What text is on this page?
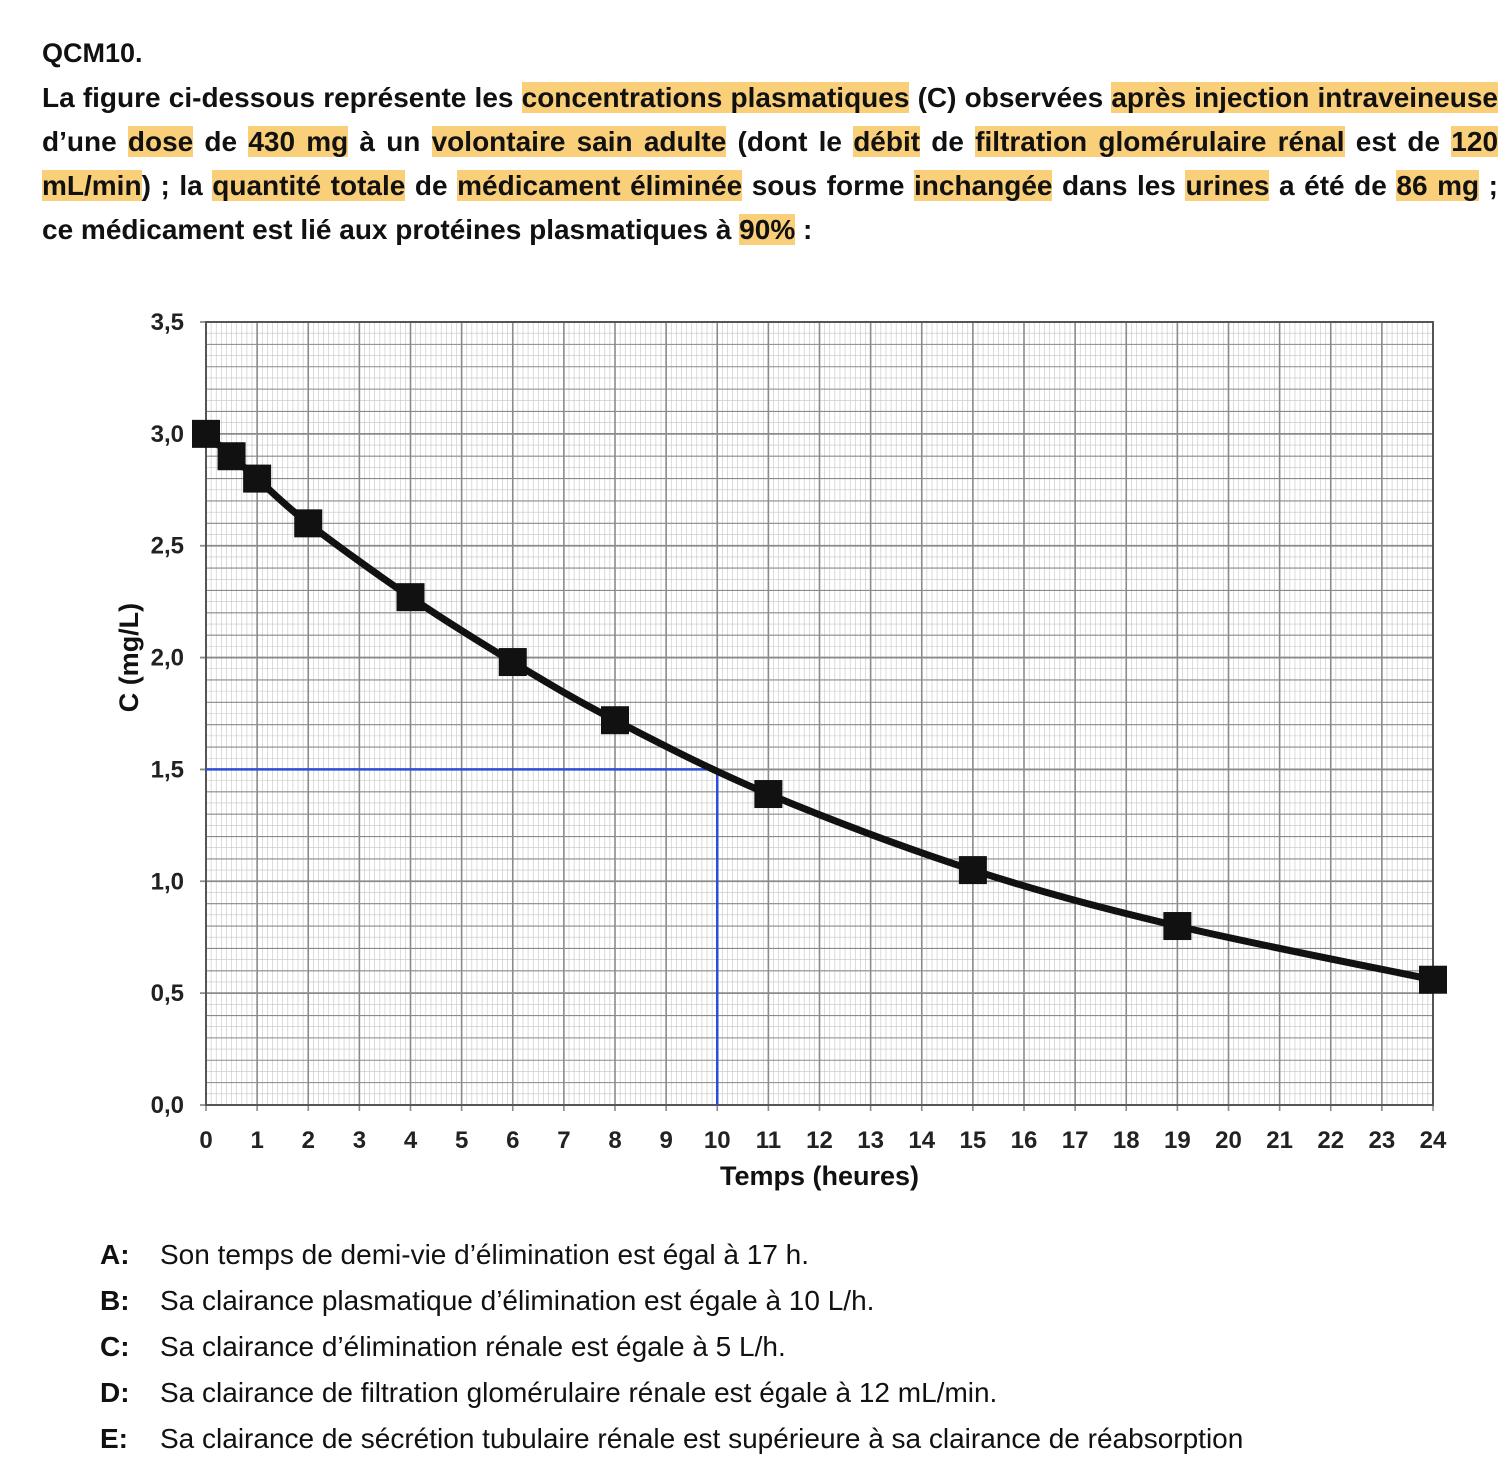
QCM10.
La figure ci-dessous représente les concentrations plasmatiques (C) observées après injection intraveineuse d’une dose de 430 mg à un volontaire sain adulte (dont le débit de filtration glomérulaire rénal est de 120 mL/min) ; la quantité totale de médicament éliminée sous forme inchangée dans les urines a été de 86 mg ; ce médicament est lié aux protéines plasmatiques à 90% :
0,0
0,5
1,0
1,5
2,0
2,5
3,0
3,5
0 1 2 3 4 5 6 7 8 9 10 11 12 13 14 15 16 17 18 19 20 21 22 23 24
Temps (heures)
C (mg/L)
A: Son temps de demi-vie d’élimination est égal à 17 h.
B: Sa clairance plasmatique d’élimination est égale à 10 L/h.
C: Sa clairance d’élimination rénale est égale à 5 L/h.
D: Sa clairance de filtration glomérulaire rénale est égale à 12 mL/min.
E: Sa clairance de sécrétion tubulaire rénale est supérieure à sa clairance de réabsorption
